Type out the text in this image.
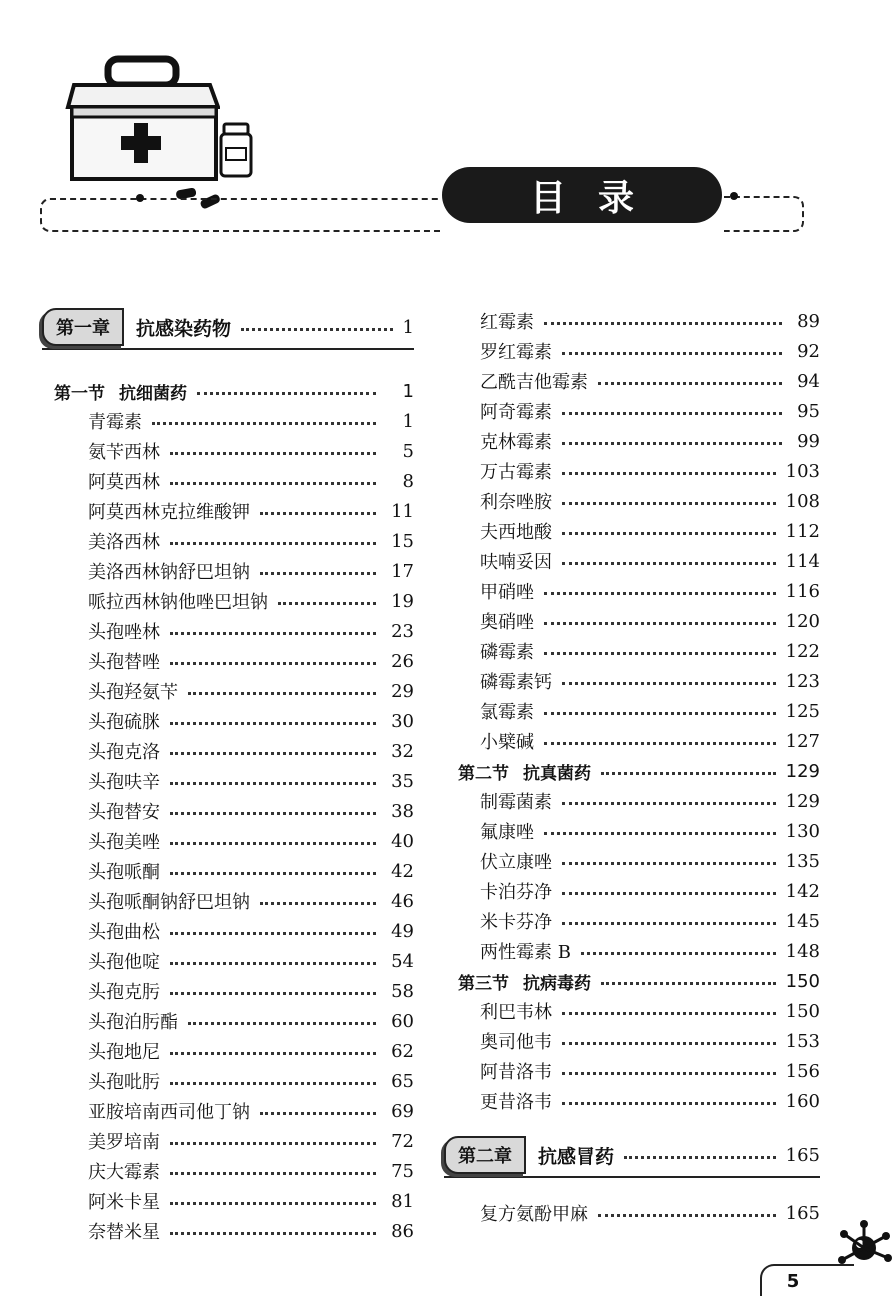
目录
第一章	抗感染药物	1
第一节 抗细菌药	1
青霉素	1
氨苄西林	5
阿莫西林	8
阿莫西林克拉维酸钾	11
美洛西林	15
美洛西林钠舒巴坦钠	17
哌拉西林钠他唑巴坦钠	19
头孢唑林	23
头孢替唑	26
头孢羟氨苄	29
头孢硫脒	30
头孢克洛	32
头孢呋辛	35
头孢替安	38
头孢美唑	40
头孢哌酮	42
头孢哌酮钠舒巴坦钠	46
头孢曲松	49
头孢他啶	54
头孢克肟	58
头孢泊肟酯	60
头孢地尼	62
头孢吡肟	65
亚胺培南西司他丁钠	69
美罗培南	72
庆大霉素	75
阿米卡星	81
奈替米星	86
红霉素	89
罗红霉素	92
乙酰吉他霉素	94
阿奇霉素	95
克林霉素	99
万古霉素	103
利奈唑胺	108
夫西地酸	112
呋喃妥因	114
甲硝唑	116
奥硝唑	120
磷霉素	122
磷霉素钙	123
氯霉素	125
小檗碱	127
第二节 抗真菌药	129
制霉菌素	129
氟康唑	130
伏立康唑	135
卡泊芬净	142
米卡芬净	145
两性霉素 B	148
第三节 抗病毒药	150
利巴韦林	150
奥司他韦	153
阿昔洛韦	156
更昔洛韦	160
第二章	抗感冒药	165
复方氨酚甲麻	165
5
